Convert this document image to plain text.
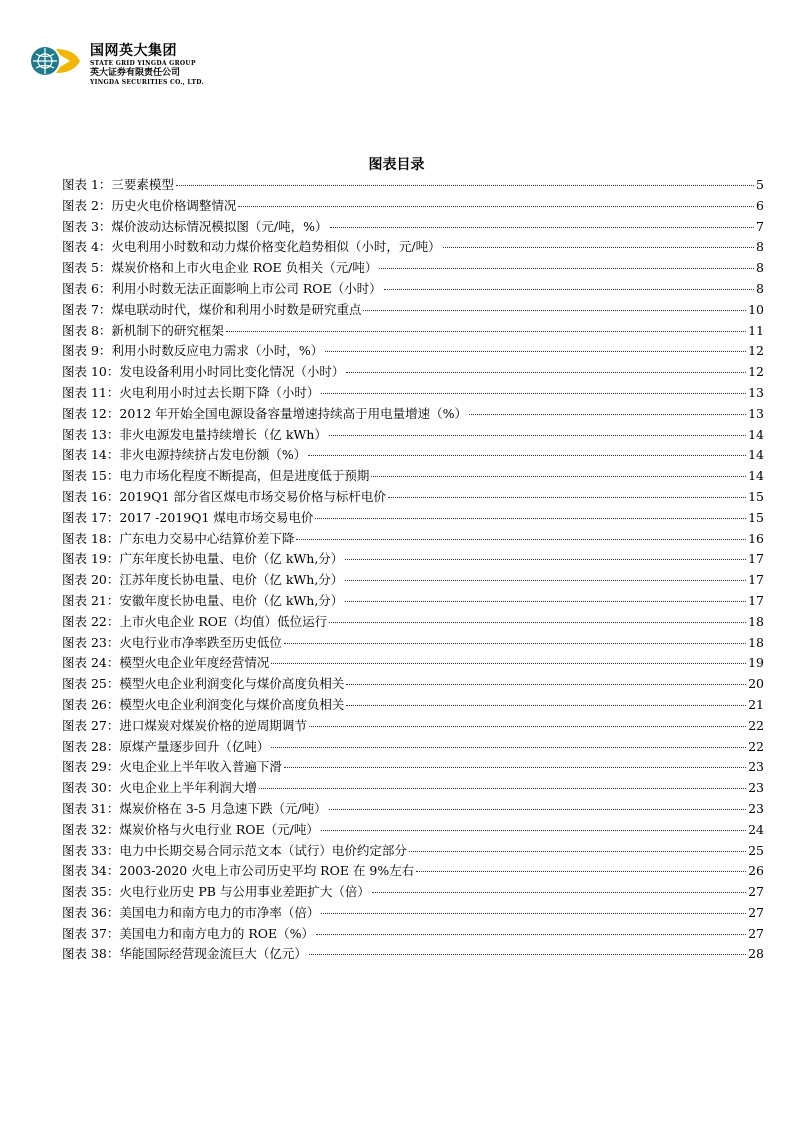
国网英大集团
STATE GRID YINGDA GROUP
英大证券有限责任公司
YINGDA SECURITIES CO., LTD.
图表目录
图表 1：三要素模型	5
图表 2：历史火电价格调整情况	6
图表 3：煤价波动达标情况模拟图（元/吨，%）	7
图表 4：火电利用小时数和动力煤价格变化趋势相似（小时，元/吨）	8
图表 5：煤炭价格和上市火电企业 ROE 负相关（元/吨）	8
图表 6：利用小时数无法正面影响上市公司 ROE（小时）	8
图表 7：煤电联动时代，煤价和利用小时数是研究重点	10
图表 8：新机制下的研究框架	11
图表 9：利用小时数反应电力需求（小时，%）	12
图表 10：发电设备利用小时同比变化情况（小时）	12
图表 11：火电利用小时过去长期下降（小时）	13
图表 12：2012 年开始全国电源设备容量增速持续高于用电量增速（%）	13
图表 13：非火电源发电量持续增长（亿 kWh）	14
图表 14：非火电源持续挤占发电份额（%）	14
图表 15：电力市场化程度不断提高，但是进度低于预期	14
图表 16：2019Q1 部分省区煤电市场交易价格与标杆电价	15
图表 17：2017 -2019Q1 煤电市场交易电价	15
图表 18：广东电力交易中心结算价差下降	16
图表 19：广东年度长协电量、电价（亿 kWh,分）	17
图表 20：江苏年度长协电量、电价（亿 kWh,分）	17
图表 21：安徽年度长协电量、电价（亿 kWh,分）	17
图表 22：上市火电企业 ROE（均值）低位运行	18
图表 23：火电行业市净率跌至历史低位	18
图表 24：模型火电企业年度经营情况	19
图表 25：模型火电企业利润变化与煤价高度负相关	20
图表 26：模型火电企业利润变化与煤价高度负相关	21
图表 27：进口煤炭对煤炭价格的逆周期调节	22
图表 28：原煤产量逐步回升（亿吨）	22
图表 29：火电企业上半年收入普遍下滑	23
图表 30：火电企业上半年利润大增	23
图表 31：煤炭价格在 3-5 月急速下跌（元/吨）	23
图表 32：煤炭价格与火电行业 ROE（元/吨）	24
图表 33：电力中长期交易合同示范文本（试行）电价约定部分	25
图表 34：2003-2020 火电上市公司历史平均 ROE 在 9%左右	26
图表 35：火电行业历史 PB 与公用事业差距扩大（倍）	27
图表 36：美国电力和南方电力的市净率（倍）	27
图表 37：美国电力和南方电力的 ROE（%）	27
图表 38：华能国际经营现金流巨大（亿元）	28
